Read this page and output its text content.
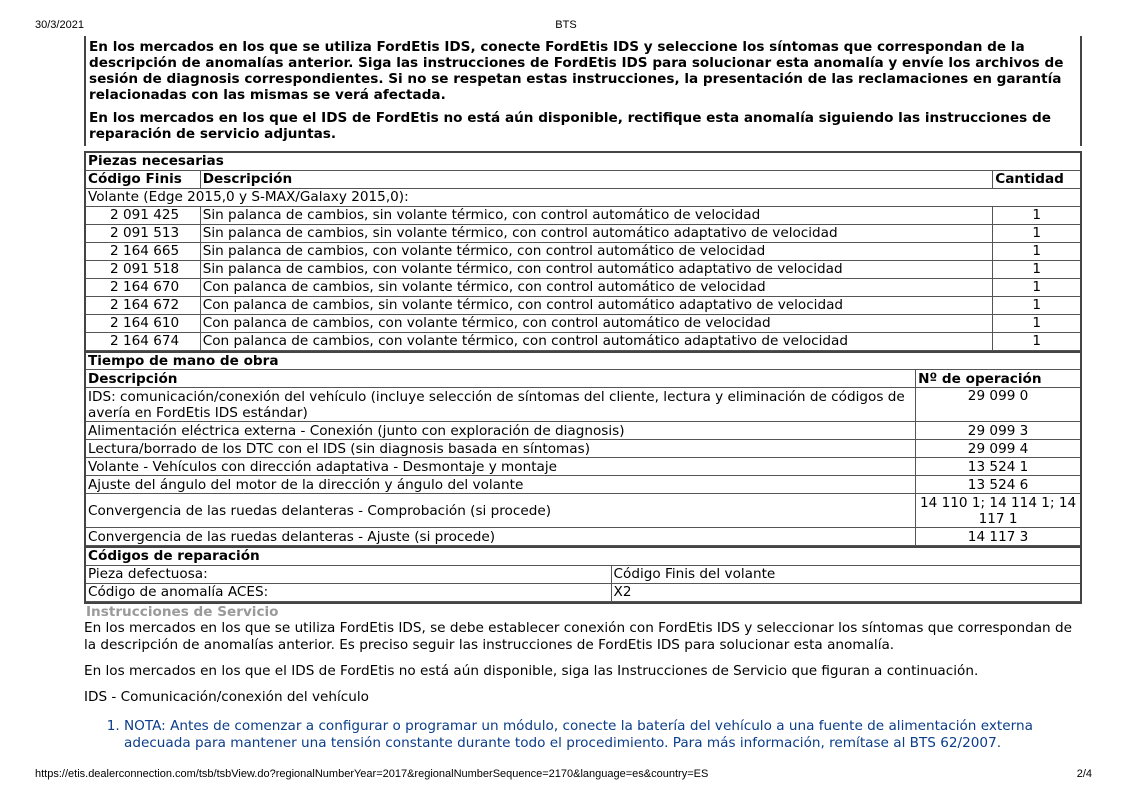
30/3/2021	BTS

En los mercados en los que se utiliza FordEtis IDS, conecte FordEtis IDS y seleccione los síntomas que correspondan de la descripción de anomalías anterior. Siga las instrucciones de FordEtis IDS para solucionar esta anomalía y envíe los archivos de sesión de diagnosis correspondientes. Si no se respetan estas instrucciones, la presentación de las reclamaciones en garantía relacionadas con las mismas se verá afectada.

En los mercados en los que el IDS de FordEtis no está aún disponible, rectifique esta anomalía siguiendo las instrucciones de reparación de servicio adjuntas.

Piezas necesarias		
Código Finis	Descripción	Cantidad
Volante (Edge 2015,0 y S-MAX/Galaxy 2015,0):		
2 091 425	Sin palanca de cambios, sin volante térmico, con control automático de velocidad	1
2 091 513	Sin palanca de cambios, sin volante térmico, con control automático adaptativo de velocidad	1
2 164 665	Sin palanca de cambios, con volante térmico, con control automático de velocidad	1
2 091 518	Sin palanca de cambios, con volante térmico, con control automático adaptativo de velocidad	1
2 164 670	Con palanca de cambios, sin volante térmico, con control automático de velocidad	1
2 164 672	Con palanca de cambios, sin volante térmico, con control automático adaptativo de velocidad	1
2 164 610	Con palanca de cambios, con volante térmico, con control automático de velocidad	1
2 164 674	Con palanca de cambios, con volante térmico, con control automático adaptativo de velocidad	1
Tiempo de mano de obra	
Descripción	Nº de operación
IDS: comunicación/conexión del vehículo (incluye selección de síntomas del cliente, lectura y eliminación de códigos de avería en FordEtis IDS estándar)	29 099 0
Alimentación eléctrica externa - Conexión (junto con exploración de diagnosis)	29 099 3
Lectura/borrado de los DTC con el IDS (sin diagnosis basada en síntomas)	29 099 4
Volante - Vehículos con dirección adaptativa - Desmontaje y montaje	13 524 1
Ajuste del ángulo del motor de la dirección y ángulo del volante	13 524 6
Convergencia de las ruedas delanteras - Comprobación (si procede)	14 110 1; 14 114 1; 14 117 1
Convergencia de las ruedas delanteras - Ajuste (si procede)	14 117 3
Códigos de reparación	
Pieza defectuosa:	Código Finis del volante
Código de anomalía ACES:	X2
Instrucciones de Servicio

En los mercados en los que se utiliza FordEtis IDS, se debe establecer conexión con FordEtis IDS y seleccionar los síntomas que correspondan de la descripción de anomalías anterior. Es preciso seguir las instrucciones de FordEtis IDS para solucionar esta anomalía.

En los mercados en los que el IDS de FordEtis no está aún disponible, siga las Instrucciones de Servicio que figuran a continuación.

IDS - Comunicación/conexión del vehículo

1. NOTA: Antes de comenzar a configurar o programar un módulo, conecte la batería del vehículo a una fuente de alimentación externa adecuada para mantener una tensión constante durante todo el procedimiento. Para más información, remítase al BTS 62/2007.
https://etis.dealerconnection.com/tsb/tsbView.do?regionalNumberYear=2017&regionalNumberSequence=2170&language=es&country=ES	2/4
